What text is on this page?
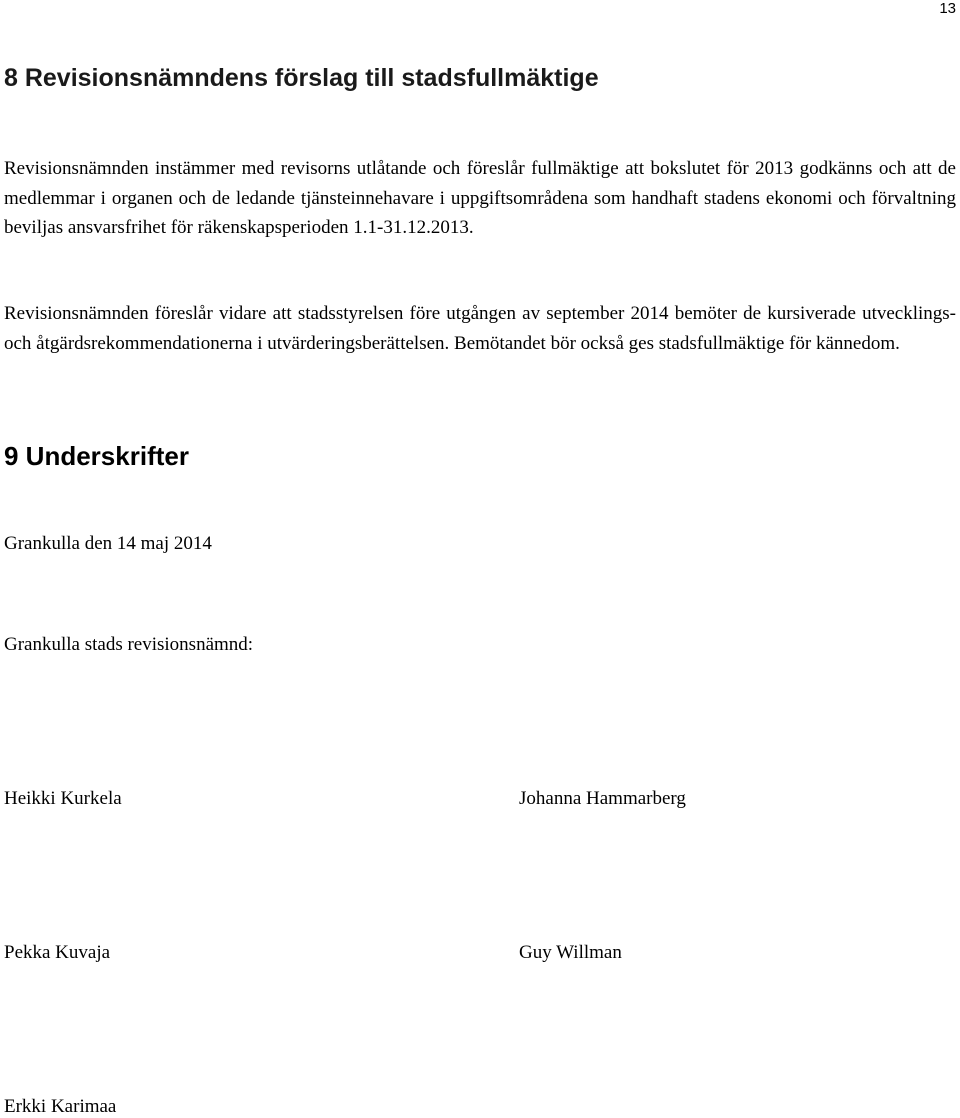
13
8 Revisionsnämndens förslag till stadsfullmäktige
Revisionsnämnden instämmer med revisorns utlåtande och föreslår fullmäktige att bokslutet för 2013 godkänns och att de medlemmar i organen och de ledande tjänsteinnehavare i uppgiftsområdena som handhaft stadens ekonomi och förvaltning beviljas ansvarsfrihet för räkenskapsperioden 1.1-31.12.2013.
Revisionsnämnden föreslår vidare att stadsstyrelsen före utgången av september 2014 bemöter de kursiverade utvecklings- och åtgärdsrekommendationerna i utvärderingsberättelsen. Bemötandet bör också ges stadsfullmäktige för kännedom.
9 Underskrifter
Grankulla den 14 maj 2014
Grankulla stads revisionsnämnd:
Heikki Kurkela	Johanna Hammarberg
Pekka Kuvaja	Guy Willman
Erkki Karimaa
